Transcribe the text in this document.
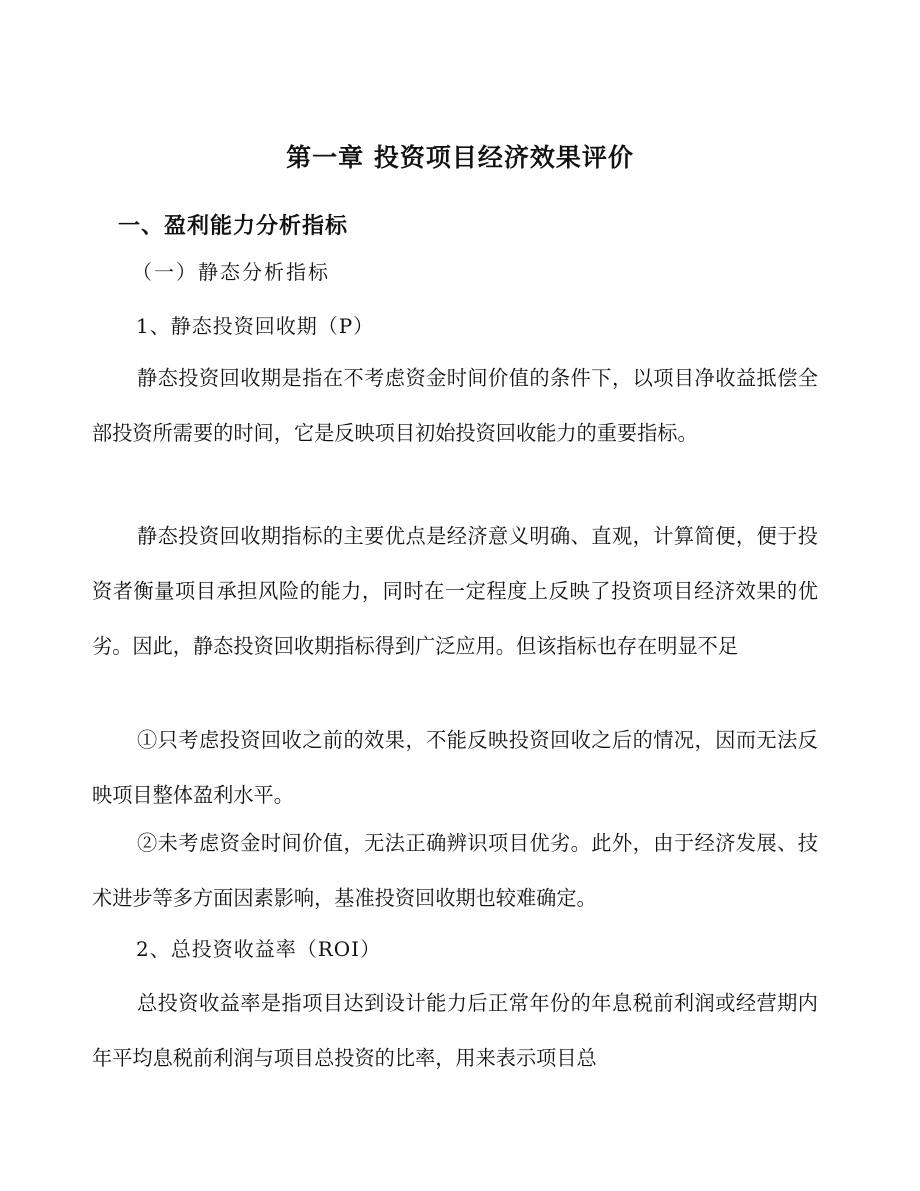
第一章 投资项目经济效果评价
一、盈利能力分析指标
（一）静态分析指标
1、静态投资回收期（P）

静态投资回收期是指在不考虑资金时间价值的条件下，以项目净收益抵偿全部投资所需要的时间，它是反映项目初始投资回收能力的重要指标。

静态投资回收期指标的主要优点是经济意义明确、直观，计算简便，便于投资者衡量项目承担风险的能力，同时在一定程度上反映了投资项目经济效果的优劣。因此，静态投资回收期指标得到广泛应用。但该指标也存在明显不足

①只考虑投资回收之前的效果，不能反映投资回收之后的情况，因而无法反映项目整体盈利水平。

②未考虑资金时间价值，无法正确辨识项目优劣。此外，由于经济发展、技术进步等多方面因素影响，基准投资回收期也较难确定。

2、总投资收益率（ROI）

总投资收益率是指项目达到设计能力后正常年份的年息税前利润或经营期内年平均息税前利润与项目总投资的比率，用来表示项目总
